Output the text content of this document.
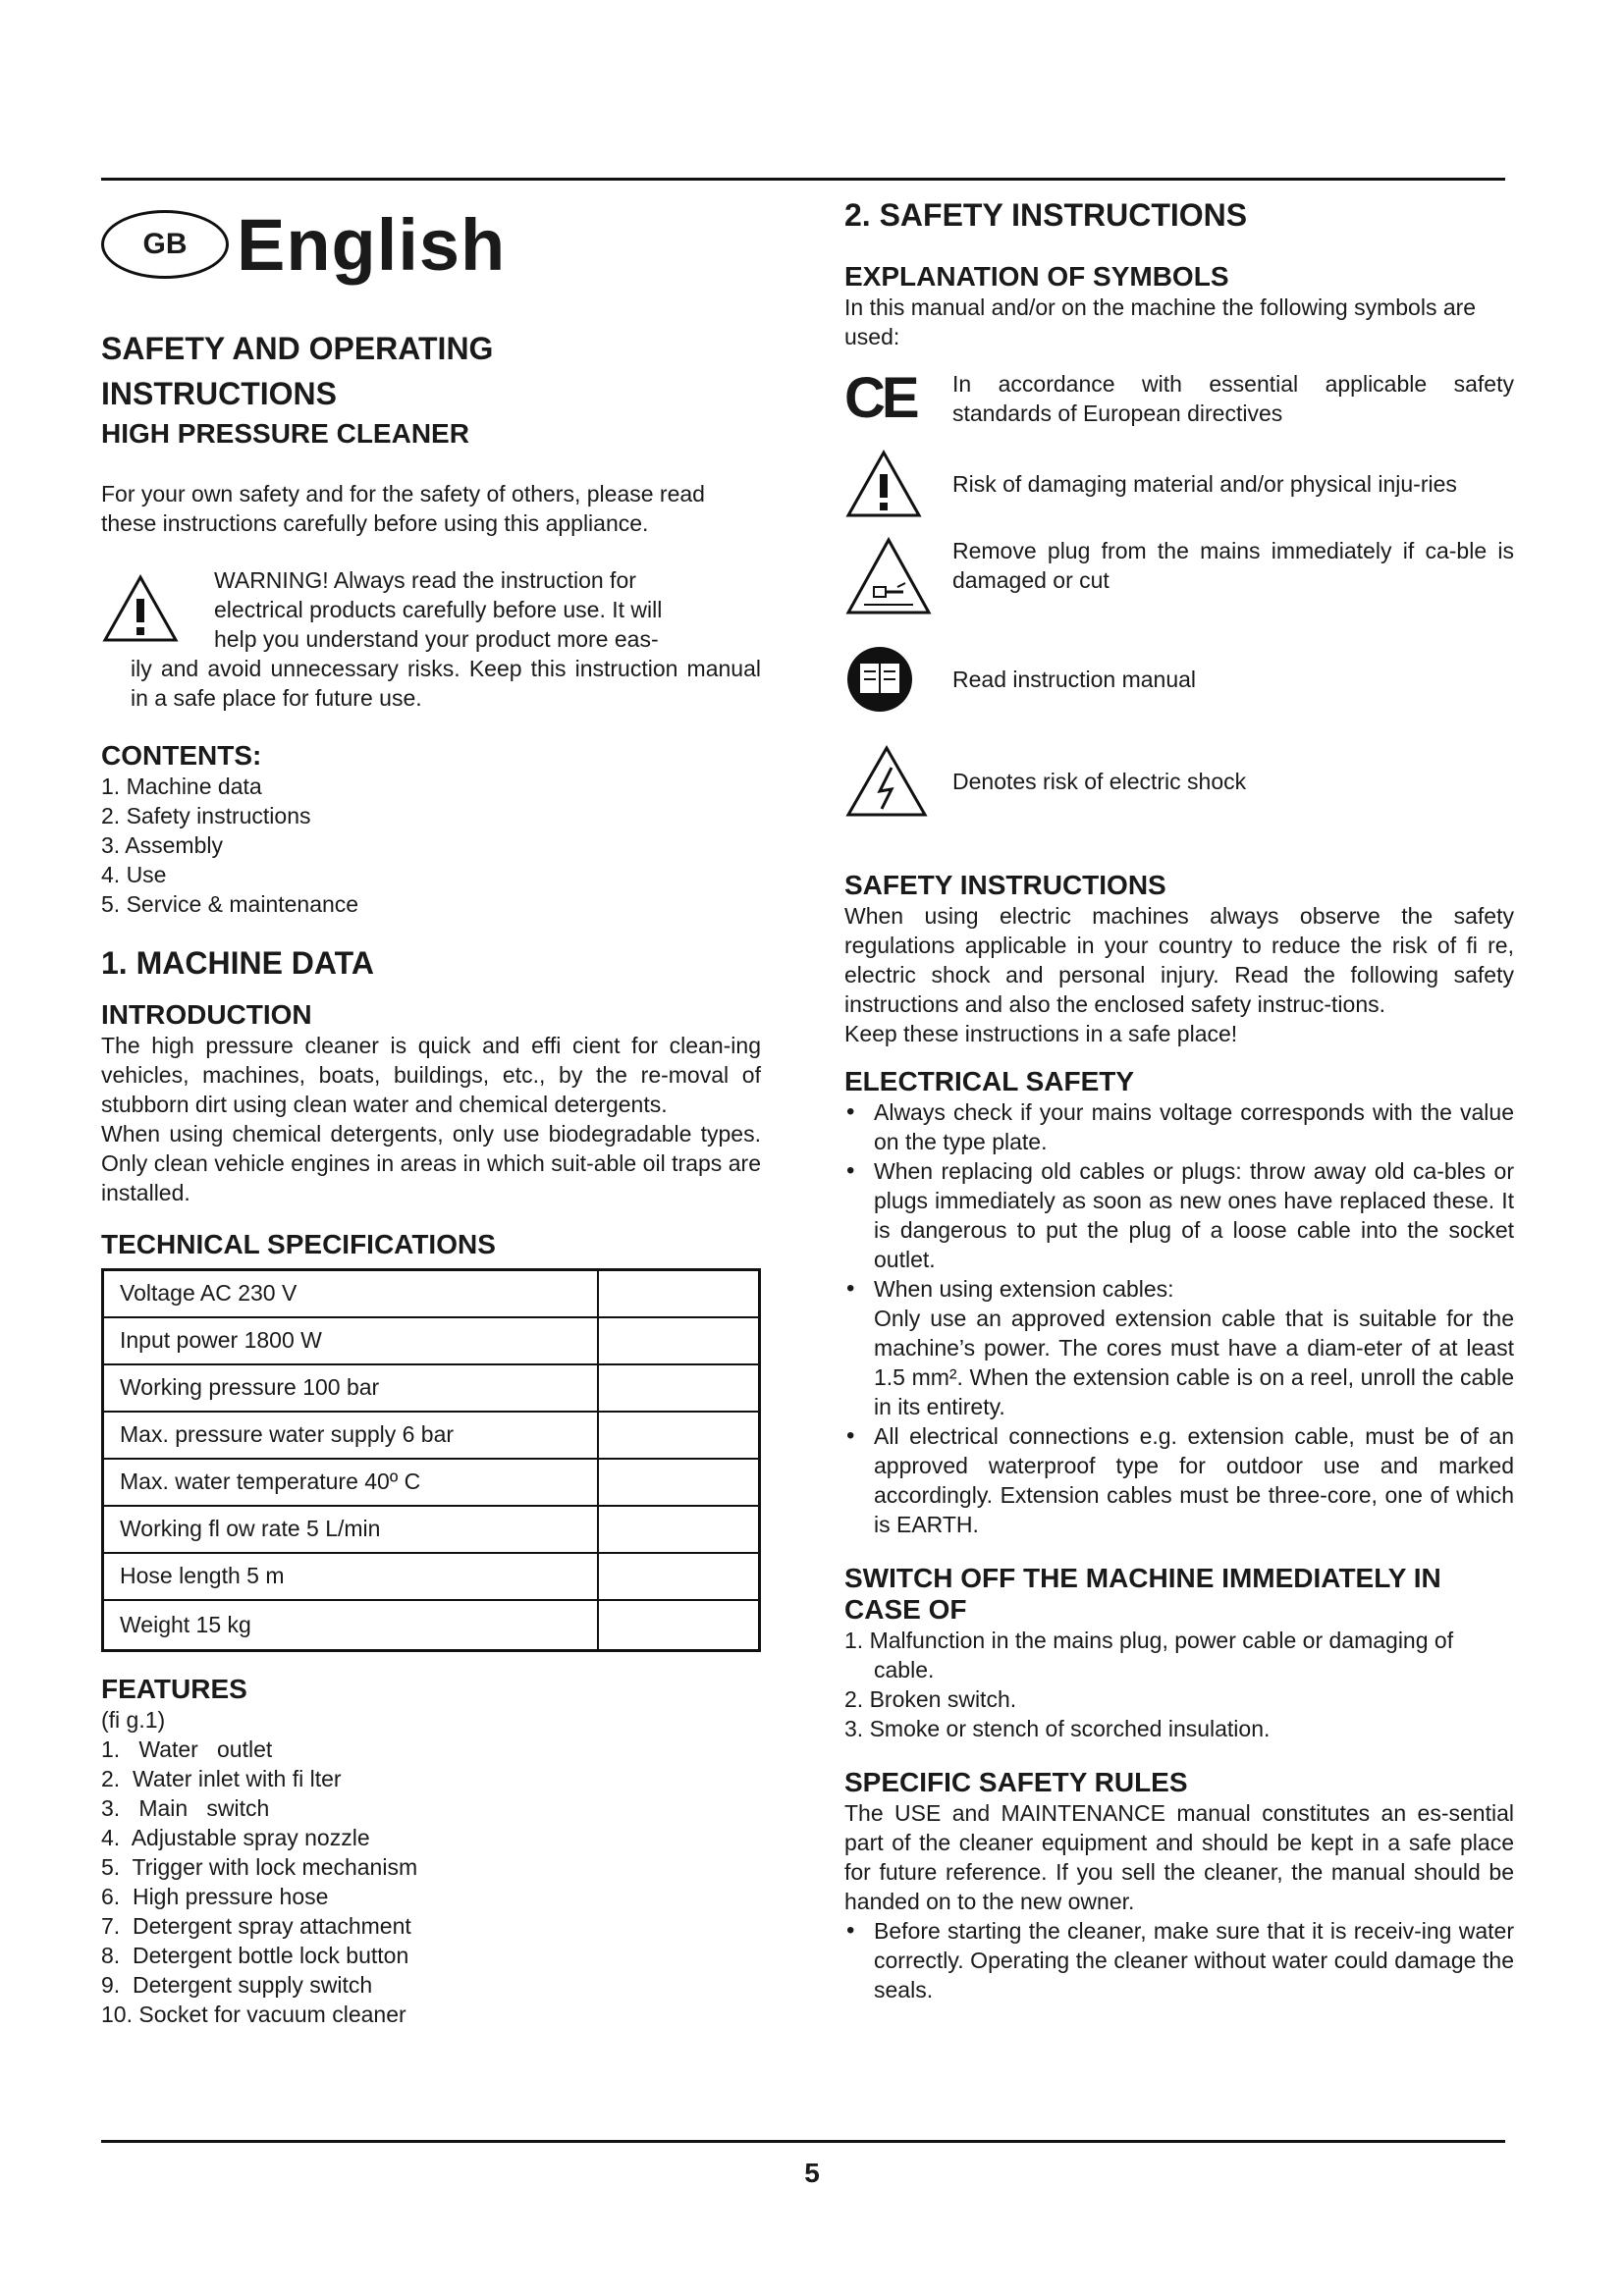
GB English
SAFETY AND OPERATING
INSTRUCTIONS
HIGH PRESSURE CLEANER

For your own safety and for the safety of others, please read these instructions carefully before using this appliance.

WARNING! Always read the instruction for

electrical products carefully before use. It will

help you understand your product more eas-

ily and avoid unnecessary risks. Keep this instruction manual in a safe place for future use.

CONTENTS:
1. Machine data
2. Safety instructions
3. Assembly
4. Use
5. Service & maintenance
1. MACHINE DATA
INTRODUCTION

The high pressure cleaner is quick and effi cient for clean-ing vehicles, machines, boats, buildings, etc., by the re-moval of stubborn dirt using clean water and chemical detergents.

When using chemical detergents, only use biodegradable types. Only clean vehicle engines in areas in which suit-able oil traps are installed.

TECHNICAL SPECIFICATIONS
Voltage AC 230 V	
Input power 1800 W	
Working pressure 100 bar	
Max. pressure water supply 6 bar	
Max. water temperature 40º C	
Working fl ow rate 5 L/min	
Hose length 5 m	
Weight 15 kg	
FEATURES
(fi g.1)
1.   Water   outlet
2.  Water inlet with fi lter
3.   Main   switch
4.  Adjustable spray nozzle
5.  Trigger with lock mechanism
6.  High pressure hose
7.  Detergent spray attachment
8.  Detergent bottle lock button
9.  Detergent supply switch
10. Socket for vacuum cleaner
2. SAFETY INSTRUCTIONS
EXPLANATION OF SYMBOLS

In this manual and/or on the machine the following symbols are used:

CE In accordance with essential applicable safety standards of European directives
Risk of damaging material and/or physical inju-ries
Remove plug from the mains immediately if ca-ble is damaged or cut
Read instruction manual
Denotes risk of electric shock
SAFETY INSTRUCTIONS

When using electric machines always observe the safety regulations applicable in your country to reduce the risk of fi re, electric shock and personal injury. Read the following safety instructions and also the enclosed safety instruc-tions.

Keep these instructions in a safe place!

ELECTRICAL SAFETY
• Always check if your mains voltage corresponds with the value on the type plate.
• When replacing old cables or plugs: throw away old ca-bles or plugs immediately as soon as new ones have replaced these. It is dangerous to put the plug of a loose cable into the socket outlet.
• When using extension cables:
Only use an approved extension cable that is suitable for the machine’s power. The cores must have a diam-eter of at least 1.5 mm². When the extension cable is on a reel, unroll the cable in its entirety.
• All electrical connections e.g. extension cable, must be of an approved waterproof type for outdoor use and marked accordingly. Extension cables must be three-core, one of which is EARTH.
SWITCH OFF THE MACHINE IMMEDIATELY IN CASE OF
1. Malfunction in the mains plug, power cable or damaging of cable.
2. Broken switch.
3. Smoke or stench of scorched insulation.
SPECIFIC SAFETY RULES

The USE and MAINTENANCE manual constitutes an es-sential part of the cleaner equipment and should be kept in a safe place for future reference. If you sell the cleaner, the manual should be handed on to the new owner.

• Before starting the cleaner, make sure that it is receiv-ing water correctly. Operating the cleaner without water could damage the seals.
5
